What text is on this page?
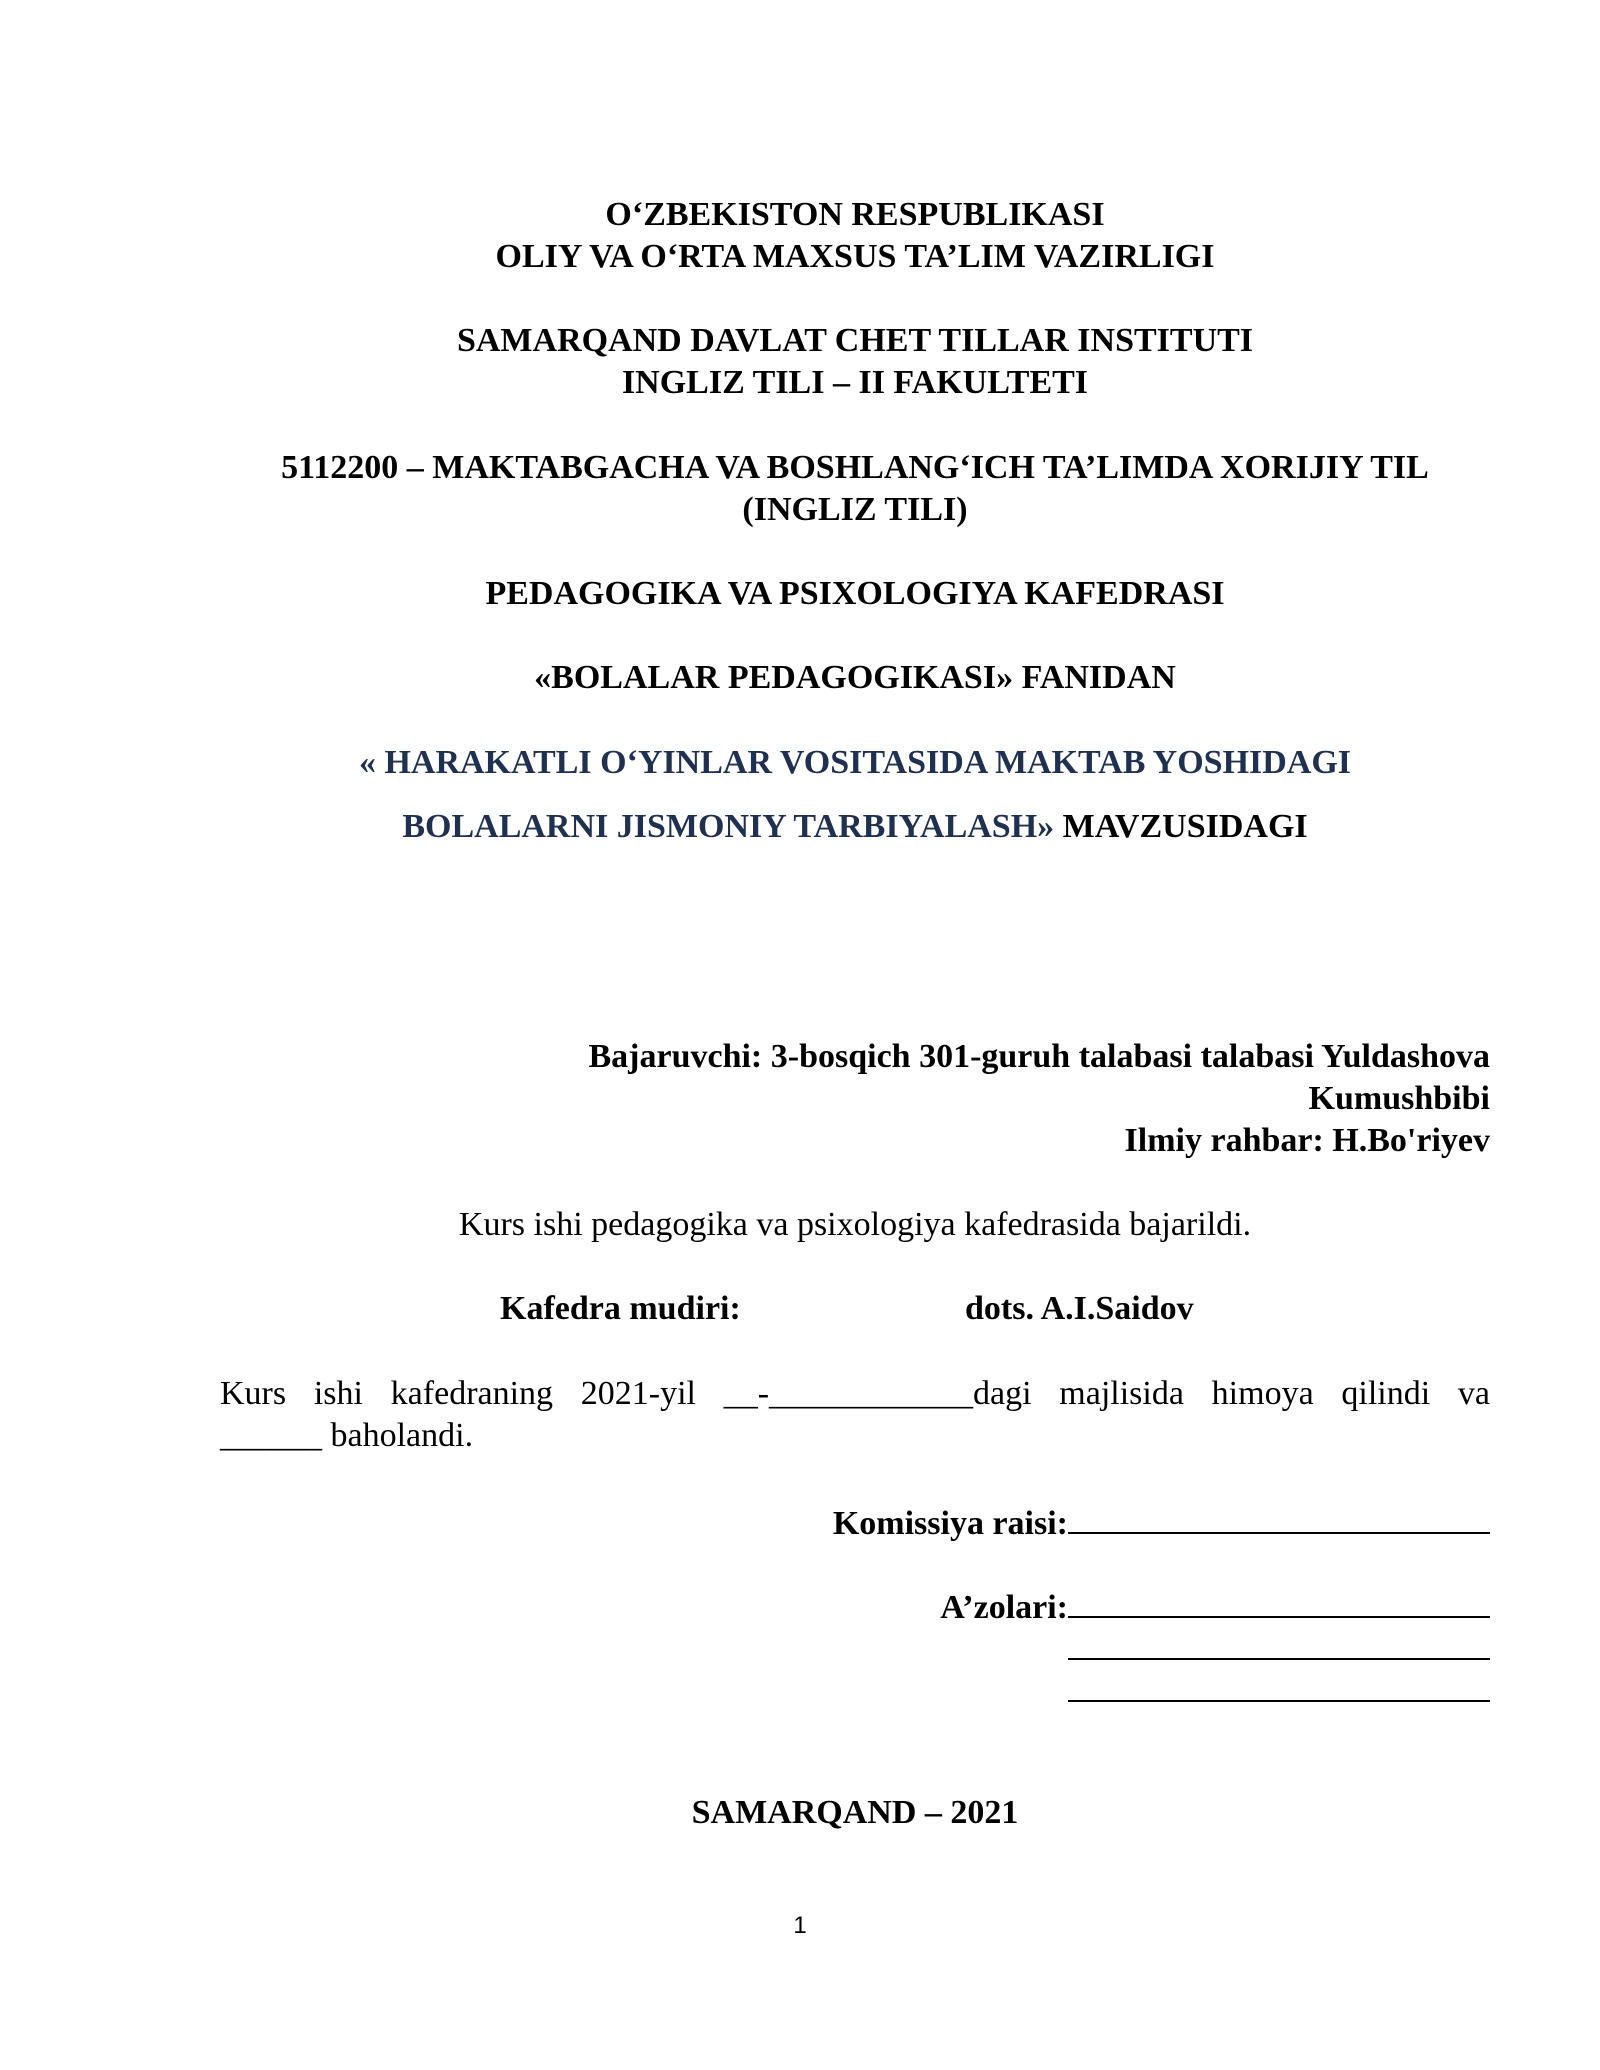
O‘ZBEKISTON RESPUBLIKASI
OLIY VA O‘RTA MAXSUS TA’LIM VAZIRLIGI
SAMARQAND DAVLAT CHET TILLAR INSTITUTI
INGLIZ TILI – II FAKULTETI
5112200 – MAKTABGACHA VA BOSHLANG‘ICH TA’LIMDA XORIJIY TIL
(INGLIZ TILI)
PEDAGOGIKA VA PSIXOLOGIYA KAFEDRASI
«BOLALAR PEDAGOGIKASI» FANIDAN
« HARAKATLI O‘YINLAR VOSITASIDA MAKTAB YOSHIDAGI
BOLALARNI JISMONIY TARBIYALASH» MAVZUSIDAGI
Bajaruvchi: 3-bosqich 301-guruh talabasi talabasi Yuldashova
Kumushbibi
Ilmiy rahbar: H.Bo'riyev
Kurs ishi pedagogika va psixologiya kafedrasida bajarildi.
Kafedra mudiri:	dots. A.I.Saidov
Kurs ishi kafedraning 2021-yil __-____________dagi majlisida himoya qilindi va
______ baholandi.
Komissiya raisi:
A’zolari:
SAMARQAND – 2021
1
